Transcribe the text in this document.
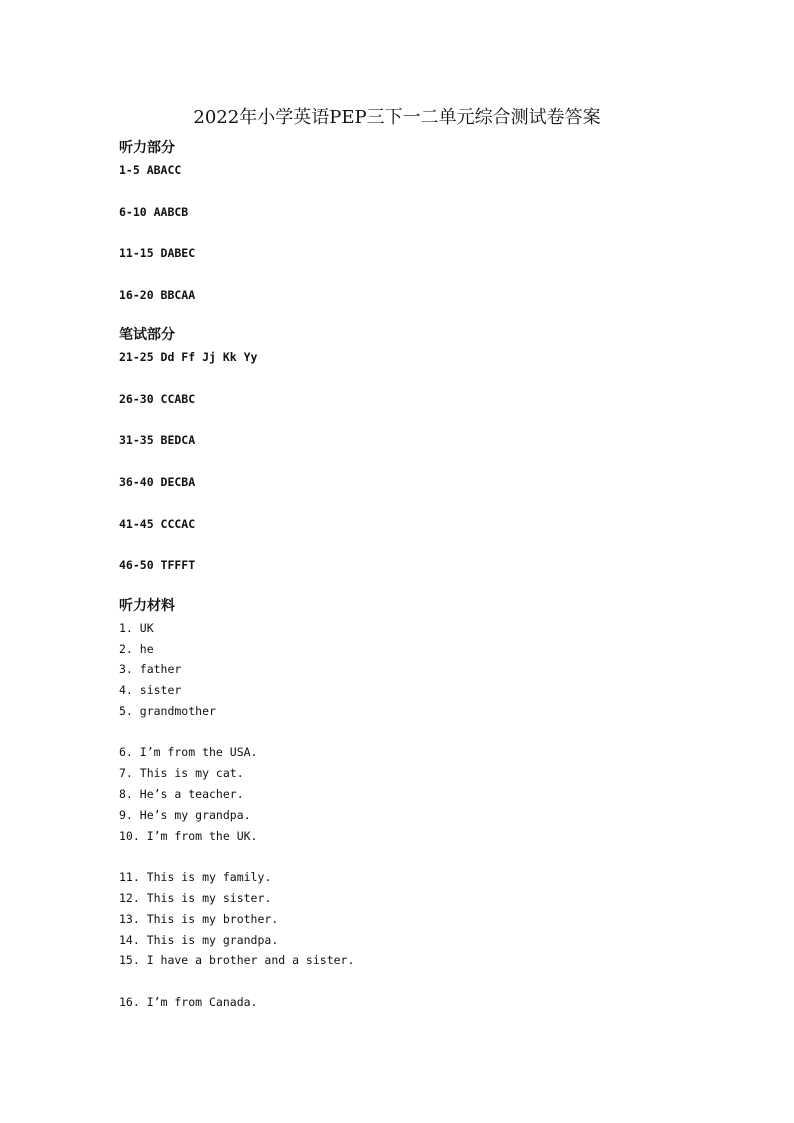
2022年小学英语PEP三下一二单元综合测试卷答案
听力部分
1-5 ABACC
6-10 AABCB
11-15 DABEC
16-20 BBCAA
笔试部分
21-25 Dd Ff Jj Kk Yy
26-30 CCABC
31-35 BEDCA
36-40 DECBA
41-45 CCCAC
46-50 TFFFT
听力材料
1. UK
2. he
3. father
4. sister
5. grandmother
6. I’m from the USA.
7. This is my cat.
8. He’s a teacher.
9. He’s my grandpa.
10. I’m from the UK.
11. This is my family.
12. This is my sister.
13. This is my brother.
14. This is my grandpa.
15. I have a brother and a sister.
16. I’m from Canada.
